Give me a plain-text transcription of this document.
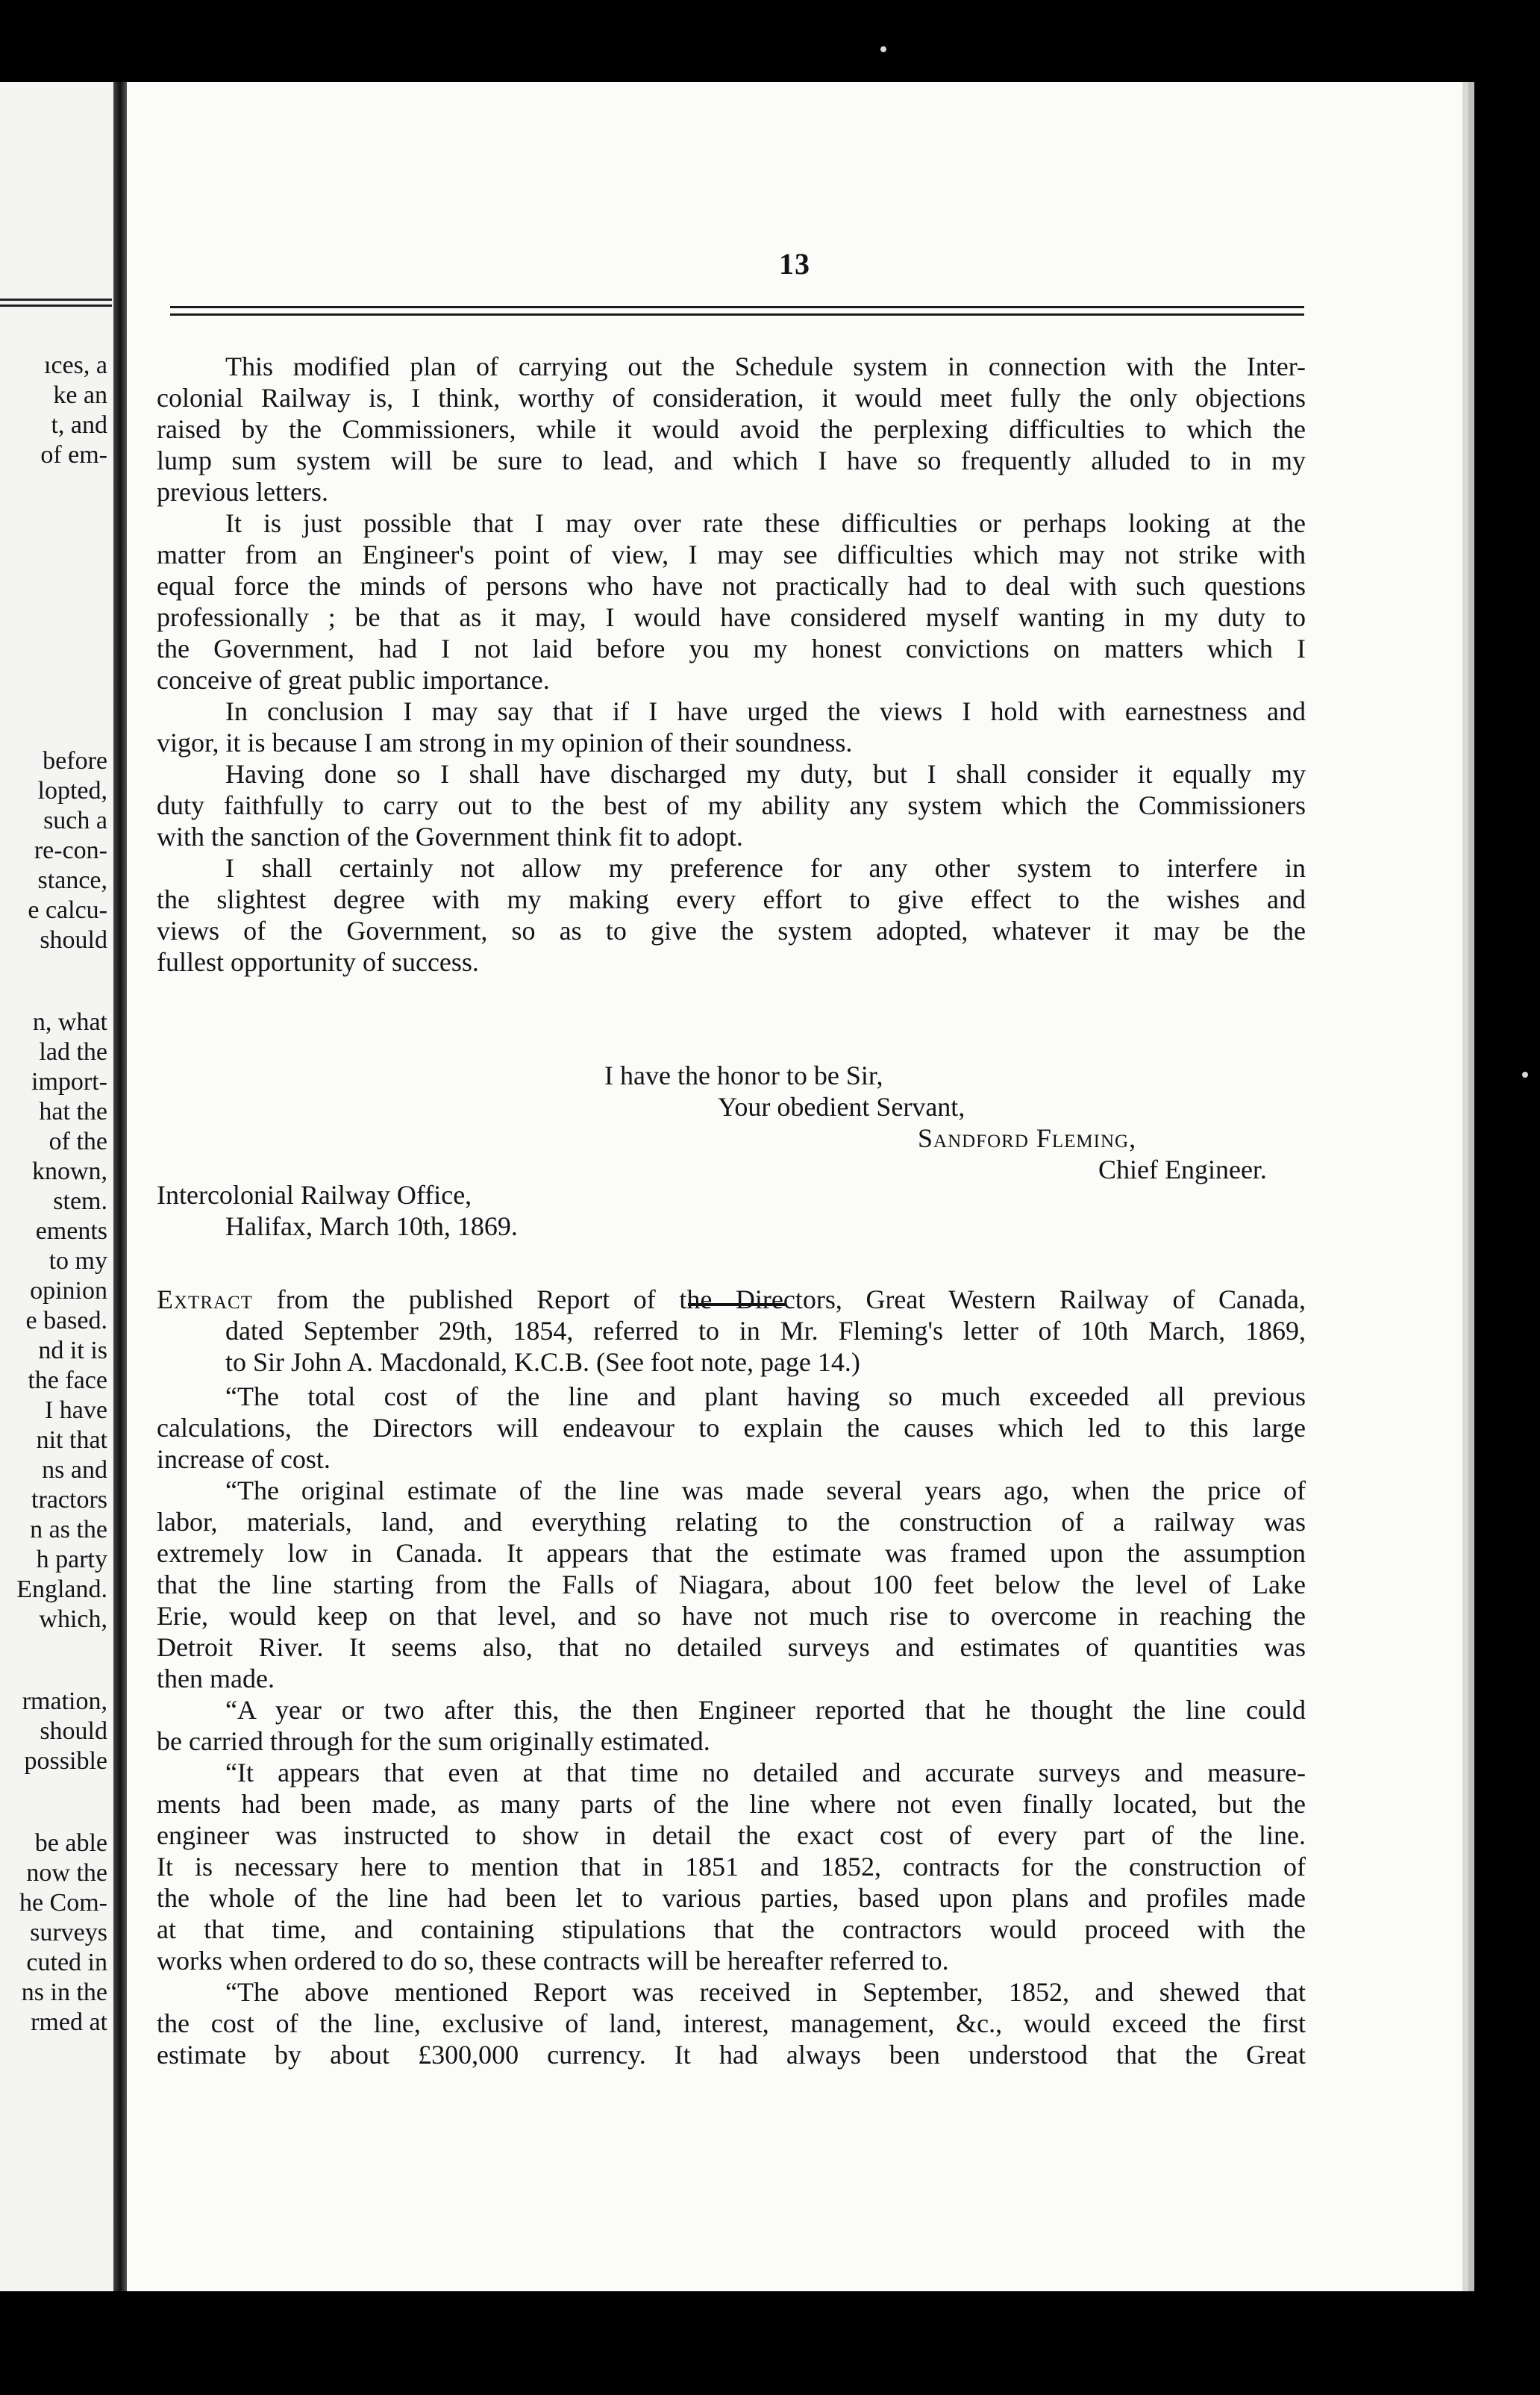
ıces, a
ke an
t, and
of em-
before
lopted,
such a
re-con-
stance,
e calcu-
should
n, what
lad the
import-
hat the
of the
known,
stem.
ements
to my
opinion
e based.
nd it is
the face
I have
nit that
ns and
tractors
n as the
h party
England.
which,
rmation,
should
possible
be able
now the
he Com-
surveys
cuted in
ns in the
rmed at
13
This modified plan of carrying out the Schedule system in connection with the Inter-
colonial Railway is, I think, worthy of consideration, it would meet fully the only objections
raised by the Commissioners, while it would avoid the perplexing difficulties to which the
lump sum system will be sure to lead, and which I have so frequently alluded to in my
previous letters.
It is just possible that I may over rate these difficulties or perhaps looking at the
matter from an Engineer's point of view, I may see difficulties which may not strike with
equal force the minds of persons who have not practically had to deal with such questions
professionally ; be that as it may, I would have considered myself wanting in my duty to
the Government, had I not laid before you my honest convictions on matters which I
conceive of great public importance.
In conclusion I may say that if I have urged the views I hold with earnestness and
vigor, it is because I am strong in my opinion of their soundness.
Having done so I shall have discharged my duty, but I shall consider it equally my
duty faithfully to carry out to the best of my ability any system which the Commissioners
with the sanction of the Government think fit to adopt.
I shall certainly not allow my preference for any other system to interfere in
the slightest degree with my making every effort to give effect to the wishes and
views of the Government, so as to give the system adopted, whatever it may be the
fullest opportunity of success.
I have the honor to be Sir,
Your obedient Servant,
Sandford Fleming,
Chief Engineer.
Intercolonial Railway Office,
Halifax, March 10th, 1869.
Extract from the published Report of the Directors, Great Western Railway of Canada,
dated September 29th, 1854, referred to in Mr. Fleming's letter of 10th March, 1869,
to Sir John A. Macdonald, K.C.B. (See foot note, page 14.)
“The total cost of the line and plant having so much exceeded all previous
calculations, the Directors will endeavour to explain the causes which led to this large
increase of cost.
“The original estimate of the line was made several years ago, when the price of
labor, materials, land, and everything relating to the construction of a railway was
extremely low in Canada. It appears that the estimate was framed upon the assumption
that the line starting from the Falls of Niagara, about 100 feet below the level of Lake
Erie, would keep on that level, and so have not much rise to overcome in reaching the
Detroit River. It seems also, that no detailed surveys and estimates of quantities was
then made.
“A year or two after this, the then Engineer reported that he thought the line could
be carried through for the sum originally estimated.
“It appears that even at that time no detailed and accurate surveys and measure-
ments had been made, as many parts of the line where not even finally located, but the
engineer was instructed to show in detail the exact cost of every part of the line.
It is necessary here to mention that in 1851 and 1852, contracts for the construction of
the whole of the line had been let to various parties, based upon plans and profiles made
at that time, and containing stipulations that the contractors would proceed with the
works when ordered to do so, these contracts will be hereafter referred to.
“The above mentioned Report was received in September, 1852, and shewed that
the cost of the line, exclusive of land, interest, management, &c., would exceed the first
estimate by about £300,000 currency. It had always been understood that the Great
